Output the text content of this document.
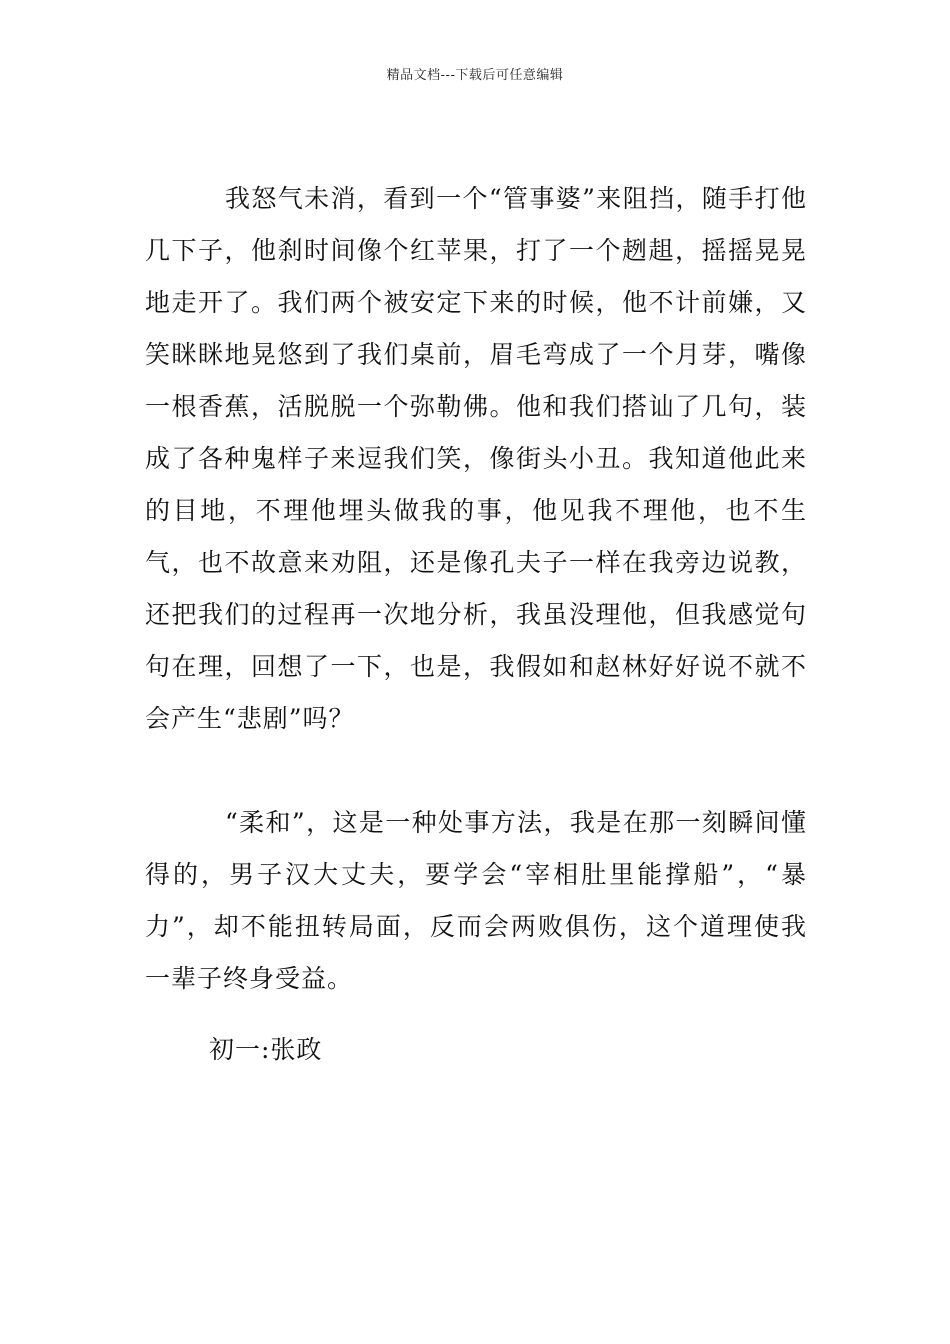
精品文档---下载后可任意编辑

我怒气未消，看到一个“管事婆”来阻挡，随手打他几下子，他刹时间像个红苹果，打了一个趔趄，摇摇晃晃地走开了。我们两个被安定下来的时候，他不计前嫌，又笑眯眯地晃悠到了我们桌前，眉毛弯成了一个月芽，嘴像一根香蕉，活脱脱一个弥勒佛。他和我们搭讪了几句，装成了各种鬼样子来逗我们笑，像街头小丑。我知道他此来的目地，不理他埋头做我的事，他见我不理他，也不生气，也不故意来劝阻，还是像孔夫子一样在我旁边说教，还把我们的过程再一次地分析，我虽没理他，但我感觉句句在理，回想了一下，也是，我假如和赵林好好说不就不会产生“悲剧”吗？

“柔和”，这是一种处事方法，我是在那一刻瞬间懂得的，男子汉大丈夫，要学会“宰相肚里能撑船”，“暴力”，却不能扭转局面，反而会两败俱伤，这个道理使我一辈子终身受益。

初一:张政
